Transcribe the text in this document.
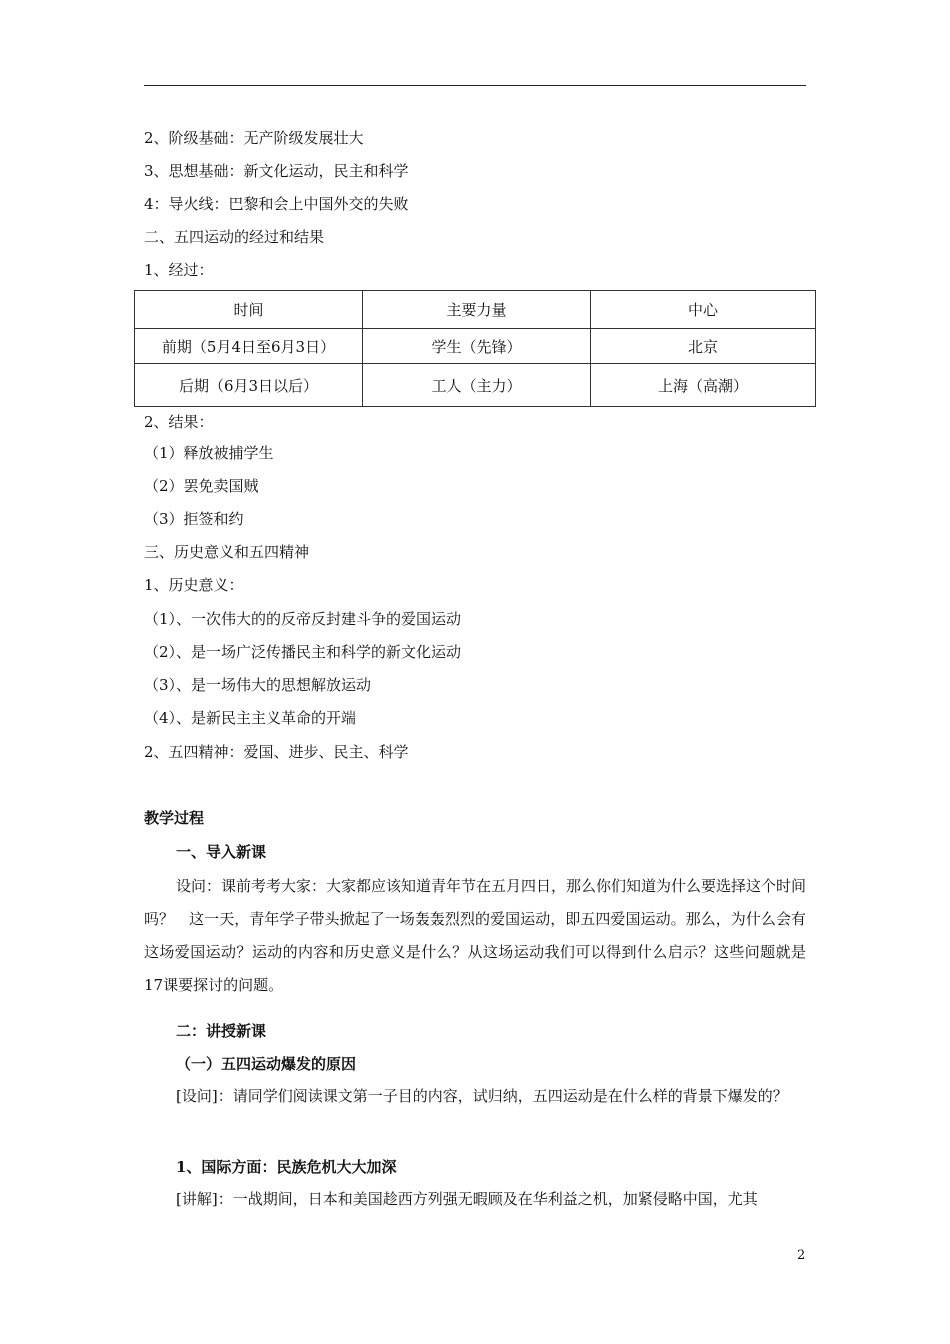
2、阶级基础：无产阶级发展壮大
3、思想基础：新文化运动，民主和科学
4：导火线：巴黎和会上中国外交的失败
二、五四运动的经过和结果
1、经过：
时间	主要力量	中心
前期（5月4日至6月3日）	学生（先锋）	北京
后期（6月3日以后）	工人（主力）	上海（高潮）
2、结果：
（1）释放被捕学生
（2）罢免卖国贼
（3）拒签和约
三、历史意义和五四精神
1、历史意义：
（1）、一次伟大的的反帝反封建斗争的爱国运动
（2）、是一场广泛传播民主和科学的新文化运动
（3）、是一场伟大的思想解放运动
（4）、是新民主主义革命的开端
2、五四精神：爱国、进步、民主、科学
教学过程
一、导入新课
设问：课前考考大家：大家都应该知道青年节在五月四日，那么你们知道为什么要选择这个时间吗？　这一天，青年学子带头掀起了一场轰轰烈烈的爱国运动，即五四爱国运动。那么，为什么会有这场爱国运动？运动的内容和历史意义是什么？从这场运动我们可以得到什么启示？这些问题就是17课要探讨的问题。
二：讲授新课
（一）五四运动爆发的原因
[设问]：请同学们阅读课文第一子目的内容，试归纳，五四运动是在什么样的背景下爆发的？
1、国际方面：民族危机大大加深
[讲解]：一战期间，日本和美国趁西方列强无暇顾及在华利益之机，加紧侵略中国，尤其
2
